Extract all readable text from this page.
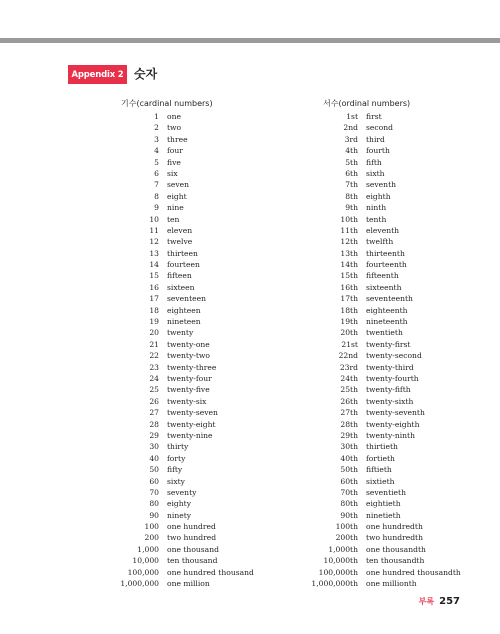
Appendix 2 숫자
기수(cardinal numbers)	서수(ordinal numbers)
1	one
2	two
3	three
4	four
5	five
6	six
7	seven
8	eight
9	nine
10	ten
11	eleven
12	twelve
13	thirteen
14	fourteen
15	fifteen
16	sixteen
17	seventeen
18	eighteen
19	nineteen
20	twenty
21	twenty-one
22	twenty-two
23	twenty-three
24	twenty-four
25	twenty-five
26	twenty-six
27	twenty-seven
28	twenty-eight
29	twenty-nine
30	thirty
40	forty
50	fifty
60	sixty
70	seventy
80	eighty
90	ninety
100	one hundred
200	two hundred
1,000	one thousand
10,000	ten thousand
100,000	one hundred thousand
1,000,000	one million
1st	first
2nd	second
3rd	third
4th	fourth
5th	fifth
6th	sixth
7th	seventh
8th	eighth
9th	ninth
10th	tenth
11th	eleventh
12th	twelfth
13th	thirteenth
14th	fourteenth
15th	fifteenth
16th	sixteenth
17th	seventeenth
18th	eighteenth
19th	nineteenth
20th	twentieth
21st	twenty-first
22nd	twenty-second
23rd	twenty-third
24th	twenty-fourth
25th	twenty-fifth
26th	twenty-sixth
27th	twenty-seventh
28th	twenty-eighth
29th	twenty-ninth
30th	thirtieth
40th	fortieth
50th	fiftieth
60th	sixtieth
70th	seventieth
80th	eightieth
90th	ninetieth
100th	one hundredth
200th	two hundredth
1,000th	one thousandth
10,000th	ten thousandth
100,000th	one hundred thousandth
1,000,000th	one millionth
부록 257
